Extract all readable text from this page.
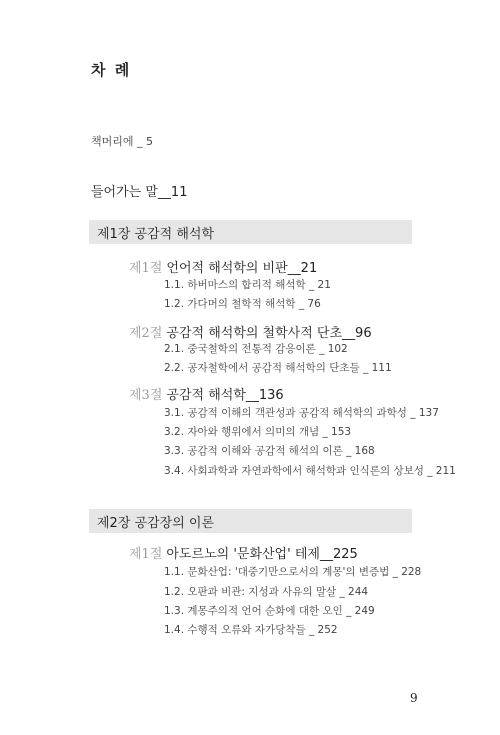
차 례
책머리에 _ 5
들어가는 말__11
제1장 공감적 해석학
제1절 언어적 해석학의 비판__21
1.1. 하버마스의 합리적 해석학 _ 21
1.2. 가다머의 철학적 해석학 _ 76
제2절 공감적 해석학의 철학사적 단초__96
2.1. 중국철학의 전통적 감응이론 _ 102
2.2. 공자철학에서 공감적 해석학의 단초들 _ 111
제3절 공감적 해석학__136
3.1. 공감적 이해의 객관성과 공감적 해석학의 과학성 _ 137
3.2. 자아와 행위에서 의미의 개념 _ 153
3.3. 공감적 이해와 공감적 해석의 이론 _ 168
3.4. 사회과학과 자연과학에서 해석학과 인식론의 상보성 _ 211
제2장 공감장의 이론
제1절 아도르노의 '문화산업' 테제__225
1.1. 문화산업: '대중기만으로서의 계몽'의 변증법 _ 228
1.2. 오판과 비관: 지성과 사유의 말살 _ 244
1.3. 계몽주의적 언어 순화에 대한 오인 _ 249
1.4. 수행적 오류와 자가당착들 _ 252
9
